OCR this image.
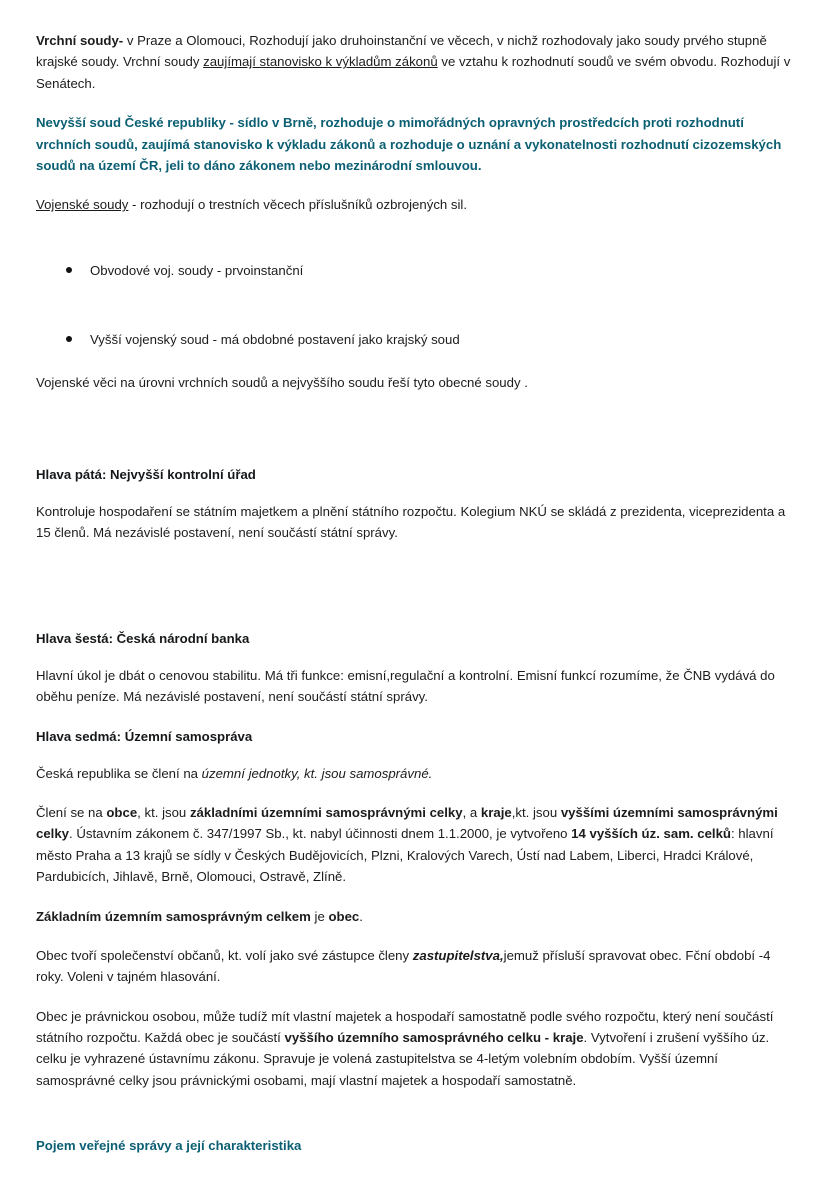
Vrchní soudy- v Praze a Olomouci, Rozhodují jako druhoinstanční ve věcech, v nichž rozhodovaly jako soudy prvého stupně krajské soudy. Vrchní soudy zaujímají stanovisko k výkladům zákonů ve vztahu k rozhodnutí soudů ve svém obvodu. Rozhodují v Senátech.

Nevyšší soud České republiky - sídlo v Brně, rozhoduje o mimořádných opravných prostředcích proti rozhodnutí vrchních soudů, zaujímá stanovisko k výkladu zákonů a rozhoduje o uznání a vykonatelnosti rozhodnutí cizozemských soudů na území ČR, jeli to dáno zákonem nebo mezinárodní smlouvou.

Vojenské soudy - rozhodují o trestních věcech příslušníků ozbrojených sil.

Obvodové voj. soudy - prvoinstanční
Vyšší vojenský soud - má obdobné postavení jako krajský soud

Vojenské věci na úrovni vrchních soudů a nejvyššího soudu řeší tyto obecné soudy .

Hlava pátá: Nejvyšší kontrolní úřad

Kontroluje hospodaření se státním majetkem a plnění státního rozpočtu. Kolegium NKÚ se skládá z prezidenta, viceprezidenta a 15 členů. Má nezávislé postavení, není součástí státní správy.

Hlava šestá: Česká národní banka

Hlavní úkol je dbát o cenovou stabilitu. Má tři funkce: emisní,regulační a kontrolní. Emisní funkcí rozumíme, že ČNB vydává do oběhu peníze. Má nezávislé postavení, není součástí státní správy.

Hlava sedmá: Územní samospráva

Česká republika se člení na územní jednotky, kt. jsou samosprávné.

Člení se na obce, kt. jsou základními územními samosprávnými celky, a kraje,kt. jsou vyššími územními samosprávnými celky. Ústavním zákonem č. 347/1997 Sb., kt. nabyl účinnosti dnem 1.1.2000, je vytvořeno 14 vyšších úz. sam. celků: hlavní město Praha a 13 krajů se sídly v Českých Budějovicích, Plzni, Kralových Varech, Ústí nad Labem, Liberci, Hradci Králové, Pardubicích, Jihlavě, Brně, Olomouci, Ostravě, Zlíně.

Základním územním samosprávným celkem je obec.

Obec tvoří společenství občanů, kt. volí jako své zástupce členy zastupitelstva,jemuž přísluší spravovat obec. Fční období -4 roky. Voleni v tajném hlasování.

Obec je právnickou osobou, může tudíž mít vlastní majetek a hospodaří samostatně podle svého rozpočtu, který není součástí státního rozpočtu. Každá obec je součástí vyššího územního samosprávného celku - kraje. Vytvoření i zrušení vyššího úz. celku je vyhrazené ústavnímu zákonu. Spravuje je volená zastupitelstva se 4-letým volebním obdobím. Vyšší územní samosprávné celky jsou právnickými osobami, mají vlastní majetek a hospodaří samostatně.

Pojem veřejné správy a její charakteristika
